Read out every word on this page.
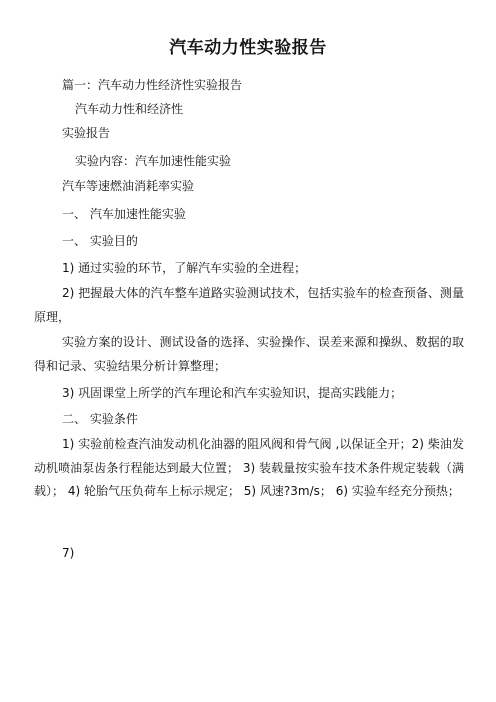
汽车动力性实验报告
篇一：汽车动力性经济性实验报告
汽车动力性和经济性
实验报告
实验内容：汽车加速性能实验
汽车等速燃油消耗率实验
一、 汽车加速性能实验
一、 实验目的
1) 通过实验的环节，了解汽车实验的全进程；
2) 把握最大体的汽车整车道路实验测试技术，包括实验车的检查预备、测量原理，
实验方案的设计、测试设备的选择、实验操作、误差来源和操纵、数据的取得和记录、实验结果分析计算整理；
3) 巩固课堂上所学的汽车理论和汽车实验知识，提高实践能力；
二、 实验条件
1) 实验前检查汽油发动机化油器的阻风阀和骨气阀 ,以保证全开；2) 柴油发动机喷油泵齿条行程能达到最大位置； 3) 装载量按实验车技术条件规定装载（满载）； 4) 轮胎气压负荷车上标示规定； 5) 风速?3m/s； 6) 实验车经充分预热；
7)
